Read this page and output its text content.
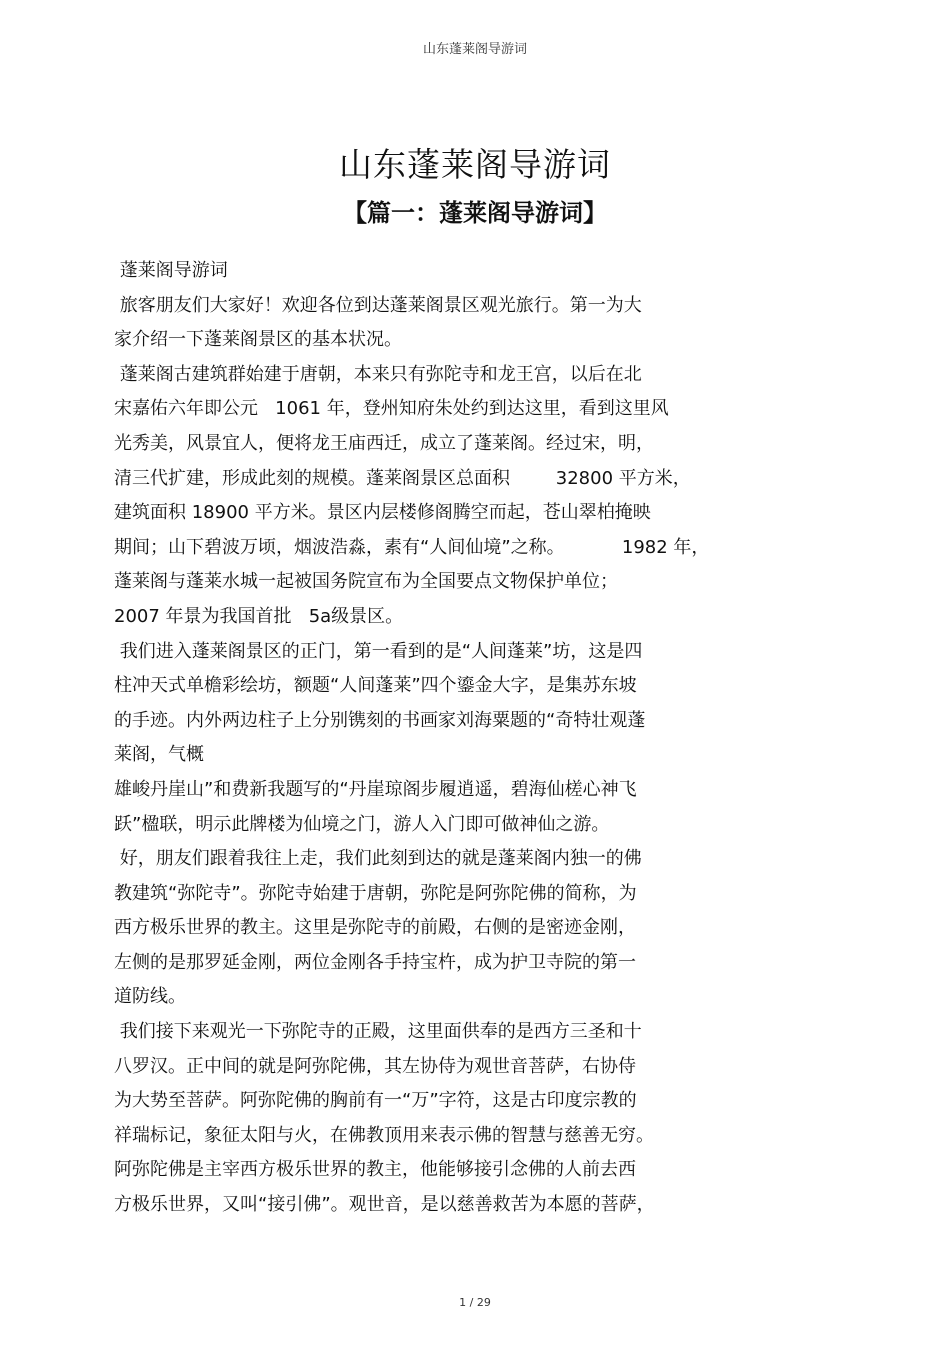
山东蓬莱阁导游词
山东蓬莱阁导游词
【篇一：蓬莱阁导游词】
蓬莱阁导游词
旅客朋友们大家好！欢迎各位到达蓬莱阁景区观光旅行。第一为大
家介绍一下蓬莱阁景区的基本状况。
蓬莱阁古建筑群始建于唐朝，本来只有弥陀寺和龙王宫，以后在北
宋嘉佑六年即公元   1061 年，登州知府朱处约到达这里，看到这里风
光秀美，风景宜人，便将龙王庙西迁，成立了蓬莱阁。经过宋，明，
清三代扩建，形成此刻的规模。蓬莱阁景区总面积        32800 平方米，
建筑面积 18900 平方米。景区内层楼修阁腾空而起，苍山翠柏掩映
期间；山下碧波万顷，烟波浩淼，素有“人间仙境”之称。          1982 年，
蓬莱阁与蓬莱水城一起被国务院宣布为全国要点文物保护单位；
2007 年景为我国首批   5a级景区。
我们进入蓬莱阁景区的正门，第一看到的是“人间蓬莱”坊，这是四
柱冲天式单檐彩绘坊，额题“人间蓬莱”四个鎏金大字，是集苏东坡
的手迹。内外两边柱子上分别镌刻的书画家刘海粟题的“奇特壮观蓬
莱阁，气概
雄峻丹崖山”和费新我题写的“丹崖琼阁步履逍遥，碧海仙槎心神飞
跃”楹联，明示此牌楼为仙境之门，游人入门即可做神仙之游。
好，朋友们跟着我往上走，我们此刻到达的就是蓬莱阁内独一的佛
教建筑“弥陀寺”。弥陀寺始建于唐朝，弥陀是阿弥陀佛的简称，为
西方极乐世界的教主。这里是弥陀寺的前殿，右侧的是密迹金刚，
左侧的是那罗延金刚，两位金刚各手持宝杵，成为护卫寺院的第一
道防线。
我们接下来观光一下弥陀寺的正殿，这里面供奉的是西方三圣和十
八罗汉。正中间的就是阿弥陀佛，其左协侍为观世音菩萨，右协侍
为大势至菩萨。阿弥陀佛的胸前有一“万”字符，这是古印度宗教的
祥瑞标记，象征太阳与火，在佛教顶用来表示佛的智慧与慈善无穷。
阿弥陀佛是主宰西方极乐世界的教主，他能够接引念佛的人前去西
方极乐世界，又叫“接引佛”。观世音，是以慈善救苦为本愿的菩萨，
1 / 29
